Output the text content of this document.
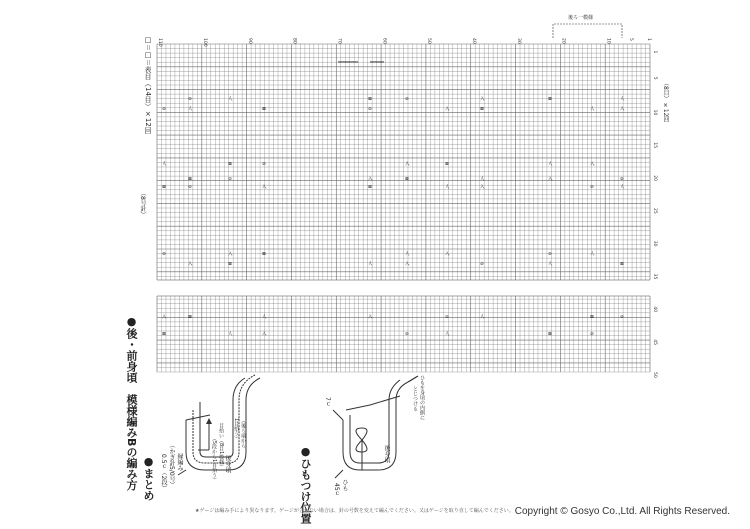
●後・前身頃　模様編みBの編み方
（8号針）
□＝□＝表目
（14目）×12回	（8目）×12回
後ろ一模様
110	100	90	80	70	60	50	40	30	20	10	5	1
1
5
10
15
20
25
30
35
40
45
50
⊘	人	⊠	⊘	入	⊠	人
⊘	人	⊠	⊘	入	⊠	人	入
人	⊠	⊘	入	⊠	人	入
⊠	⊘	入	⊠	人	入	⊘
⊠	⊘	入	⊠	人	入	⊘	人
⊘	入	⊠	人	入	⊘	人
入	⊠	人	入	⊘	人	⊠
入	⊠	人	入	⊘	人	⊠	⊘
⊠	人	入	⊘	人	⊠	⊘
●まとめ	縁編み
（かぎ針5/0号）
0.5ｃ（2段）
目拾い（8目1模様）
（5段から1目拾う）
（後ろ端から
1目拾う）
後身頃	●ひもつけ位置
7ｃ	ひもを身頃の内側に
とじつける
後身頃
ひも
45ｃ
★ゲージは編み手により異なります。ゲージが合わない場合は、針の号数を変えて編んでください。又はゲージを取り直して編んでください。 Copyright © Gosyo Co.,Ltd. All Rights Reserved.
